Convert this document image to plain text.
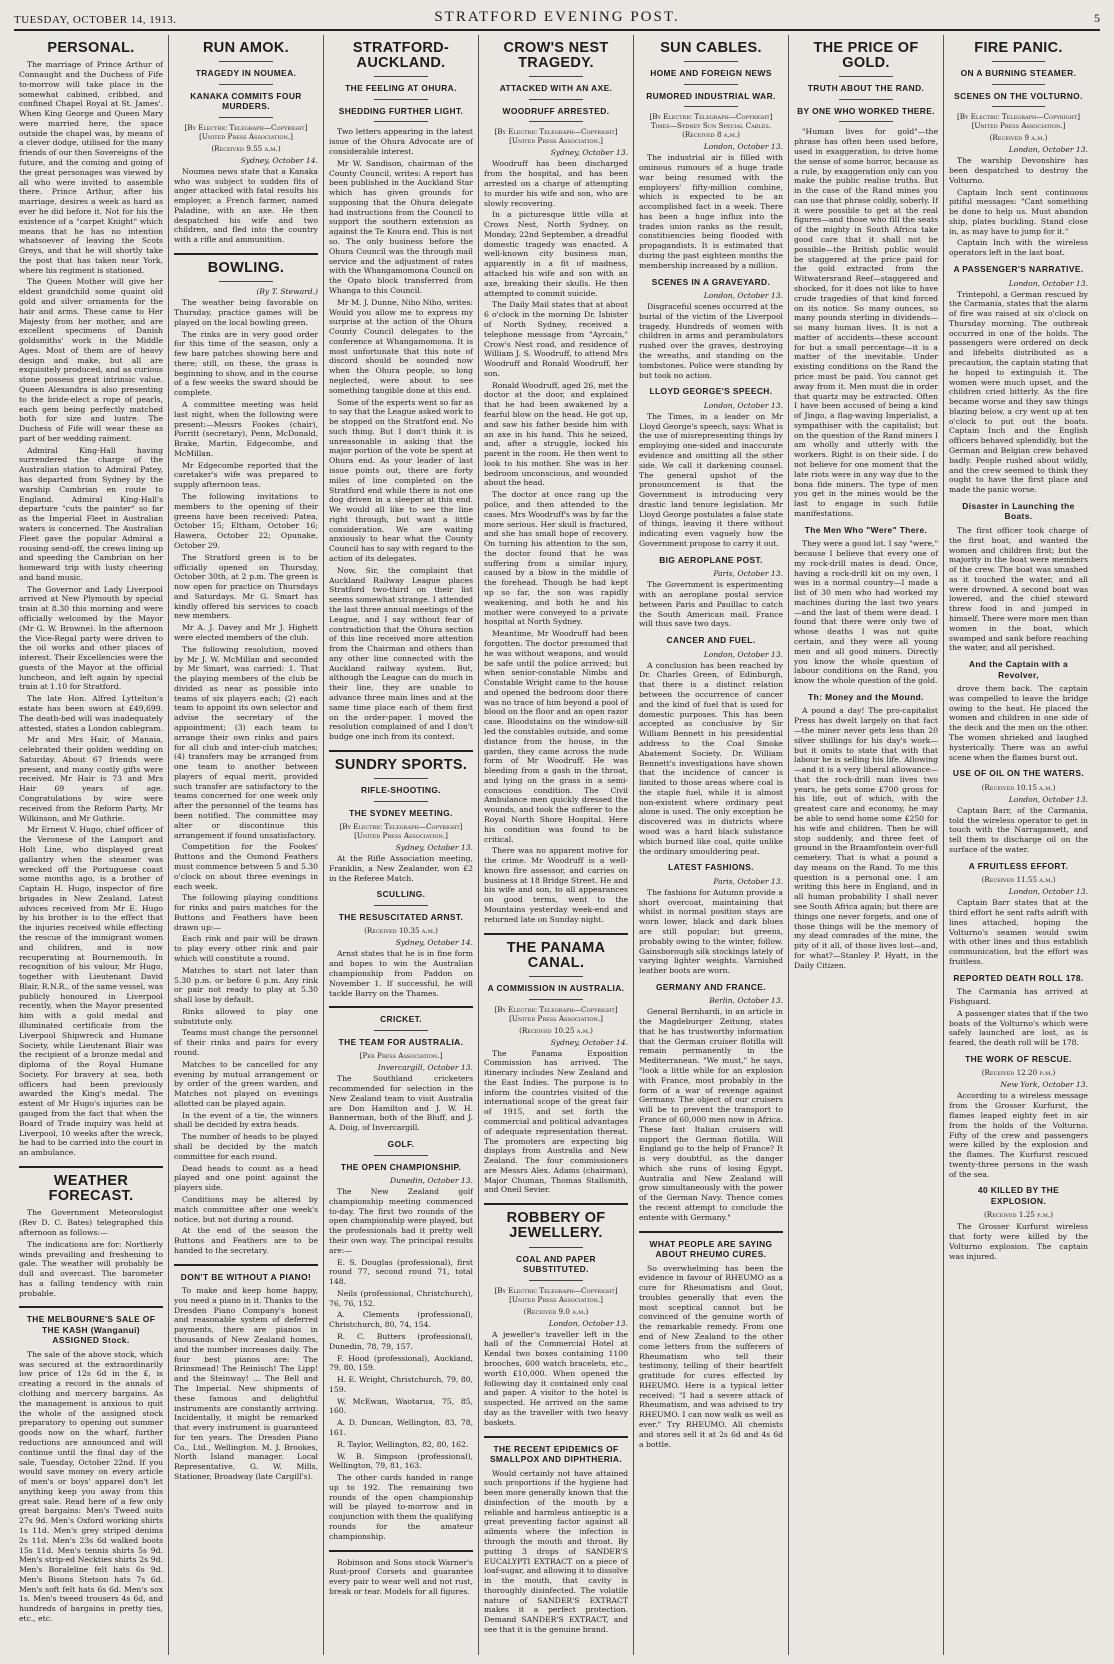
TUESDAY, OCTOBER 14, 1913.	STRATFORD EVENING POST.	5
PERSONAL.

The marriage of Prince Arthur of Connaught and the Duchess of Fife to-morrow will take place in the somewhat cabined, cribbed, and confined Chapel Royal at St. James'. When King George and Queen Mary were married here, the space outside the chapel was, by means of a clever dodge, utilised for the many friends of our then Sovereigns of the future, and the coming and going of the great personages was viewed by all who were invited to assemble there. Prince Arthur, after his marriage, desires a week as hard as ever he did before it. Not for his the existence of a "carpet Knight" which means that he has no intention whatsoever of leaving the Scots Greys, and that he will shortly take the post that has taken near York, where his regiment is stationed.

The Queen Mother will give her eldest grandchild some quaint old gold and silver ornaments for the hair and arms. These came to Her Majesty from her mother, and are excellent specimens of Danish goldsmiths' work in the Middle Ages. Most of them are of heavy design and make, but all are exquisitely produced, and as curious stone possess great intrinsic value. Queen Alexandra is also presenting to the bride-elect a rope of pearls, each gem being perfectly matched both for size and lustre. The Duchess of Fife will wear these as part of her wedding raiment.

Admiral King-Hall having surrendered the charge of the Australian station to Admiral Patey, has departed from Sydney by the warship Cambrian en route to England. Admiral King-Hall's departure "cuts the painter" so far as the Imperial Fleet in Australian waters is concerned. The Australian Fleet gave the popular Admiral a rousing send-off, the crews lining up and speeding the Cambrian on her homeward trip with lusty cheering and band music.

The Governor and Lady Liverpool arrived at New Plymouth by special train at 8.30 this morning and were officially welcomed by the Mayor (Mr G. W. Browne). In the afternoon the Vice-Regal party were driven to the oil works and other places of interest. Their Excellencies were the guests of the Mayor at the official luncheon, and left again by special train at 1.10 for Stratford.

The late Hon. Alfred Lyttelton's estate has been sworn at £49,699. The death-bed will was inadequately attested, states a London cablegram.

Mr and Mrs Hair, of Manaia, celebrated their golden wedding on Saturday. About 67 friends were present, and many costly gifts were received. Mr Hair is 73 and Mrs Hair 69 years of age. Congratulations by wire were received from the Reform Party, Mr Wilkinson, and Mr Guthrie.

Mr Ernest V. Hugo, chief officer of the Veronese of the Lamport and Holt Line, who displayed great gallantry when the steamer was wrecked off the Portuguese coast some months ago, is a brother of Captain H. Hugo, inspector of fire brigades in New Zealand. Latest advices received from Mr E. Hugo by his brother is to the effect that the injuries received while effecting the rescue of the immigrant women and children, and is now recuperating at Bournemouth. In recognition of his valour, Mr Hugo, together with Lieutenant David Blair, R.N.R., of the same vessel, was publicly honoured in Liverpool recently, when the Mayor presented him with a gold medal and illuminated certificate from the Liverpool Shipwreck and Humane Society, while Lieutenant Blair was the recipient of a bronze medal and diploma of the Royal Humane Society. For bravery at sea, both officers had been previously awarded the King's medal. The extent of Mr Hugo's injuries can be gauged from the fact that when the Board of Trade inquiry was held at Liverpool, 10 weeks after the wreck, he had to be carried into the court in an ambulance.

WEATHER FORECAST.

The Government Meteorologist (Rev D. C. Bates) telegraphed this afternoon as follows:—

The indications are for: Northerly winds prevailing and freshening to gale. The weather will probably be dull and overcast. The barometer has a falling tendency with rain probable.

THE MELBOURNE'S SALE OF THE KASH (Wanganui) ASSIGNED Stock.

The sale of the above stock, which was secured at the extraordinarily low price of 12s 6d in the £, is creating a record in the annals of clothing and mercery bargains. As the management is anxious to quit the whole of the assigned stock preparatory to opening out summer goods now on the wharf, further reductions are announced and will continue until the final day of the sale, Tuesday, October 22nd. If you would save money on every article of men's or boys' apparel don't let anything keep you away from this great sale. Read here of a few only great bargains: Men's Tweed suits 27s 9d. Men's Oxford working shirts 1s 11d. Men's grey striped denims 2s 11d. Men's 23s 6d walked boots 15s 11d. Men's tennis shirts 5s 9d. Men's strip-ed Neckties shirts 2s 9d. Men's Boraleline felt hats 6s 9d. Men's Bisons Stetson hats 7s 6d. Men's soft felt hats 6s 6d. Men's sox 1s. Men's tweed trousers 4s 6d, and hundreds of bargains in pretty ties, etc., etc.

RUN AMOK.
TRAGEDY IN NOUMEA.
KANAKA COMMITS FOUR MURDERS.
[By Electric Telegraph—Copyright] [United Press Association.]
(Received 9.55 a.m.)
Sydney, October 14.

Noumea news state that a Kanaka who was subject to sudden fits of anger attacked with fatal results his employer, a French farmer, named Paladine, with an axe. He then despatched his wife and two children, and fled into the country with a rifle and ammunition.

BOWLING.
(By T. Steward.)

The weather being favorable on Thursday, practice games will be played on the local bowling green.

The rinks are in very good order for this time of the season, only a few bare patches showing here and there; still, on these, the grass is beginning to show, and in the course of a few weeks the sward should be complete.

A committee meeting was held last night, when the following were present:—Messrs Fookes (chair), Porritt (secretary), Penn, McDonald, Brake, Martin, Edgecombe, and McMillan.

Mr Edgecombe reported that the caretaker's wife was prepared to supply afternoon teas.

The following invitations to members to the opening of their greens have been received: Patea, October 15; Eltham, October 16; Hawera, October 22; Opunake, October 29.

The Stratford green is to be officially opened on Thursday, October 30th, at 2 p.m. The green is now open for practice on Thursdays and Saturdays. Mr G. Smart has kindly offered his services to coach new members.

Mr A. J. Davey and Mr J. Highett were elected members of the club.

The following resolution, moved by Mr J. W. McMillan and seconded by Mr Smart, was carried: 1. That the playing members of the club be divided as near as possible into teams of six players each; (2) each team to appoint its own selector and advise the secretary of the appointment; (3) each team to arrange their own rinks and pairs for all club and inter-club matches; (4) transfers may be arranged from one team to another between players of equal merit, provided such transfer are satisfactory to the teams concerned for one week only after the personnel of the teams has been notified. The committee may alter or discontinue this arrangement if found unsatisfactory.

Competition for the Fookes' Buttons and the Osmond Feathers must commence between 5 and 5.30 o'clock on about three evenings in each week.

The following playing conditions for rinks and pairs matches for the Buttons and Feathers have been drawn up:—

Each rink and pair will be drawn to play every other rink and pair which will constitute a round.

Matches to start not later than 5.30 p.m. or before 6 p.m. Any rink or pair not ready to play at 5.30 shall lose by default.

Rinks allowed to play one substitute only.

Teams must change the personnel of their rinks and pairs for every round.

Matches to be cancelled for any evening by mutual arrangement or by order of the green warden, and Matches not played on evenings allotted can be played again.

In the event of a tie, the winners shall be decided by extra heads.

The number of heads to be played shall be decided by the match committee for each round.

Dead heads to count as a head played and one point against the players side.

Conditions may be altered by match committee after one week's notice, but not during a round.

At the end of the season the Buttons and Feathers are to be handed to the secretary.

DON'T BE WITHOUT A PIANO!

To make and keep home happy, you need a piano in it. Thanks to the Dresden Piano Company's honest and reasonable system of deferred payments, there are pianos in thousands of New Zealand homes, and the number increases daily. The four best pianos are: The Brinsmead! The Reinisch! The Lipp! and the Steinway! ... The Bell and The Imperial. New shipments of these famous and delightful instruments are constantly arriving. Incidentally, it might be remarked that every instrument is guaranteed for ten years. The Dresden Piano Co., Ltd., Wellington. M. J. Brookes, North Island manager. Local Representative, G. W. Mills, Stationer, Broadway (late Cargill's).

STRATFORD-AUCKLAND.
THE FEELING AT OHURA.
SHEDDING FURTHER LIGHT.

Two letters appearing in the latest issue of the Ohura Advocate are of considerable interest.

Mr W. Sandison, chairman of the County Council, writes: A report has been published in the Auckland Star which has given grounds for supposing that the Ohura delegate had instructions from the Council to support the southern extension as against the Te Koura end. This is not so. The only business before the Ohura Council was the through mail service and the adjustment of rates with the Whangamomona Council on the Opato block transferred from Whanga to this Council.

Mr M. J. Dunne, Niho Niho, writes: Would you allow me to express my surprise at the action of the Ohura County Council delegates to the conference at Whangamomona. It is most unfortunate that this note of discord should be sounded now when the Ohura people, so long neglected, were about to see something tangible done at this end.

Some of the experts went so far as to say that the League asked work to be stopped on the Stratford end. No such thing. But I don't think it is unreasonable in asking that the major portion of the vote be spent at Ohura end. As your leader of last issue points out, there are forty miles of line completed on the Stratford end while there is not one dog driven in a sleeper at this end. We would all like to see the line right through, but want a little consideration. We are waiting anxiously to hear what the County Council has to say with regard to the action of its delegates.

Now, Sir, the complaint that Auckland Railway League places Stratford two-third on their list seems somewhat strange. I attended the last three annual meetings of the League, and I say without fear of contradiction that the Ohura section of this line received more attention from the Chairman and others than any other line connected with the Auckland railway system. But, although the League can do much in their line, they are unable to advance three main lines and at the same time place each of them first on the order-paper. I moved the resolution complained of and I don't budge one inch from its context.

SUNDRY SPORTS.
RIFLE-SHOOTING.
THE SYDNEY MEETING.
[By Electric Telegraph—Copyright] [United Press Association.]
Sydney, October 13.

At the Rifle Association meeting, Franklin, a New Zealander, won £2 in the Referee Match.

SCULLING.
THE RESUSCITATED ARNST.
(Received 10.35 a.m.)
Sydney, October 14.

Arnst states that he is in fine form and hopes to win the Australian championship from Paddon on November 1. If successful, he will tackle Barry on the Thames.

CRICKET.
THE TEAM FOR AUSTRALIA.
[Per Press Association.]
Invercargill, October 13.

The Southland cricketers recommended for selection in the New Zealand team to visit Australia are Don Hamilton and J. W. H. Bannerman, both of the Bluff, and J. A. Doig, of Invercargill.

GOLF.
THE OPEN CHAMPIONSHIP.
Dunedin, October 13.

The New Zealand golf championship meeting commenced to-day. The first two rounds of the open championship were played, but the professionals had it pretty well their own way. The principal results are:—

E. S. Douglas (professional), first round 77, second round 71, total 148.

Neils (professional, Christchurch), 76, 76, 152.

A. Clements (professional), Christchurch, 80, 74, 154.

R. C. Butters (professional), Dunedin, 78, 79, 157.

F. Hood (professional), Auckland, 79, 80, 159.

H. E. Wright, Christchurch, 79, 80, 159.

W. McEwan, Waotarua, 75, 85, 160.

A. D. Duncan, Wellington, 83, 78, 161.

R. Taylor, Wellington, 82, 80, 162.

W. B. Simpson (professional), Wellington, 79, 81, 163.

The other cards handed in range up to 192. The remaining two rounds of the open championship will be played to-morrow and in conjunction with them the qualifying rounds for the amateur championship.

Robinson and Sons stock Warner's Rust-proof Corsets and guarantee every pair to wear well and not rust, break or tear. Models for all figures.

CROW'S NEST TRAGEDY.
ATTACKED WITH AN AXE.
WOODRUFF ARRESTED.
[By Electric Telegraph—Copyright] [United Press Association.]
Sydney, October 13.

Woodruff has been discharged from the hospital, and has been arrested on a charge of attempting to murder his wife and son, who are slowly recovering.

In a picturesque little villa at Crows Nest, North Sydney, on Monday, 22nd September, a dreadful domestic tragedy was enacted. A well-known city business man, apparently in a fit of madness, attacked his wife and son with an axe, breaking their skulls. He then attempted to commit suicide.

The Daily Mail states that at about 6 o'clock in the morning Dr. Isbister of North Sydney, received a telephone message from "Ayrcain," Crow's Nest road, and residence of William J. S. Woodruff, to attend Mrs Woodruff and Ronald Woodruff, her son.

Ronald Woodruff, aged 26, met the doctor at the door, and explained that he had been awakened by a fearful blow on the head. He got up, and saw his father beside him with an axe in his hand. This he seized, and, after a struggle, locked his parent in the room. He then went to look to his mother. She was in her bedroom unconscious, and wounded about the head.

The doctor at once rang up the police, and then attended to the cases. Mrs Woodruff's was by far the more serious. Her skull is fractured, and she has small hope of recovery. On turning his attention to the son, the doctor found that he was suffering from a similar injury, caused by a blow in the middle of the forehead. Though he had kept up so far, the son was rapidly weakening, and both he and his mother were conveyed to a private hospital at North Sydney.

Meantime, Mr Woodruff had been forgotten. The doctor presumed that he was without weapons, and would be safe until the police arrived; but when senior-constable Nimbs and Constable Wright came to the house and opened the bedroom door there was no trace of him beyond a pool of blood on the floor and an open razor case. Bloodstains on the window-sill led the constables outside, and some distance from the house, in the garden, they came across the nude form of Mr Woodruff. He was bleeding from a gash in the throat, and lying on the grass in a semi-conscious condition. The Civil Ambulance men quickly dressed the wounds, and took the sufferer to the Royal North Shore Hospital. Here his condition was found to be critical.

There was no apparent motive for the crime. Mr Woodruff is a well-known fire assessor, and carries on business at 18 Bridge Street. He and his wife and son, to all appearances on good terms, went to the Mountains yesterday week-end and returned late on Sunday night.

THE PANAMA CANAL.
A COMMISSION IN AUSTRALIA.
[By Electric Telegraph—Copyright] [United Press Association.]
(Received 10.25 a.m.)
Sydney, October 14.

The Panama Exposition Commission has arrived. The itinerary includes New Zealand and the East Indies. The purpose is to inform the countries visited of the international scope of the great fair of 1915, and set forth the commercial and political advantages of adequate representation thereat. The promoters are expecting big displays from Australia and New Zealand. The four commissioners are Messrs Alex. Adams (chairman), Major Chuman, Thomas Stallsmith, and Oneil Sevier.

ROBBERY OF JEWELLERY.
COAL AND PAPER SUBSTITUTED.
[By Electric Telegraph—Copyright] [United Press Association.]
(Received 9.0 a.m.)
London, October 13.

A jeweller's traveller left in the hall of the Commercial Hotel at Kendal two boxes containing 1100 brooches, 600 watch bracelets, etc., worth £10,000. When opened the following day it contained only coal and paper. A visitor to the hotel is suspected. He arrived on the same day as the traveller with two heavy baskets.

THE RECENT EPIDEMICS OF SMALLPOX AND DIPHTHERIA.

Would certainly not have attained such proportions if the hygiene had been more generally known that the disinfection of the mouth by a reliable and harmless antiseptic is a great preventing factor against all ailments where the infection is through the mouth and throat. By putting 3 drops of SANDER'S EUCALYPTI EXTRACT on a piece of loaf-sugar, and allowing it to dissolve in the mouth, that cavity is thoroughly disinfected. The volatile nature of SANDER'S EXTRACT makes it a perfect protection. Demand SANDER'S EXTRACT, and see that it is the genuine brand.

SUN CABLES.
HOME AND FOREIGN NEWS
RUMORED INDUSTRIAL WAR.
[By Electric Telegraph—Copyright] Times—Sydney Sun Special Cables. (Received 8 a.m.)
London, October 13.

The industrial air is filled with ominous rumours of a huge trade war being resumed with the employers' fifty-million combine, which is expected to be an accomplished fact in a week. There has been a huge influx into the trades union ranks as the result, constituencies being flooded with propagandists. It is estimated that during the past eighteen months the membership increased by a million.

SCENES IN A GRAVEYARD.
London, October 13.

Disgraceful scenes occurred at the burial of the victim of the Liverpool tragedy. Hundreds of women with children in arms and perambulators rushed over the graves, destroying the wreaths, and standing on the tombstones. Police were standing by but took no action.

LLOYD GEORGE'S SPEECH.
London, October 13.

The Times, in a leader on Mr Lloyd George's speech, says: What is the use of misrepresenting things by employing one-sided and inaccurate evidence and omitting all the other side. We call it darkening counsel. The general upshot of the pronouncement is that the Government is introducing very drastic land tenure legislation. Mr Lloyd George postulates a false state of things, leaving it there without indicating even vaguely how the Government propose to carry it out.

BIG AEROPLANE POST.
Paris, October 13.

The Government is experimenting with an aeroplane postal service between Paris and Pauillac to catch the South American mail. France will thus save two days.

CANCER AND FUEL.
London, October 13.

A conclusion has been reached by Dr. Charles Green, of Edinburgh, that there is a distinct relation between the occurrence of cancer and the kind of fuel that is used for domestic purposes. This has been accepted as conclusive by Sir William Bennett in his presidential address to the Coal Smoke Abatement Society. Dr. William Bennett's investigations have shown that the incidence of cancer is limited to those areas where coal is the staple fuel, while it is almost non-existent where ordinary peat alone is used. The only exception he discovered was in districts where wood was a hard black substance which burned like coal, quite unlike the ordinary smouldering peat.

LATEST FASHIONS.
Paris, October 13.

The fashions for Autumn provide a short overcoat, maintaining that whilst in normal position stays are worn lower, black and dark blues are still popular; but greens, probably owing to the winter, follow. Gainsborough silk stockings lately of varying lighter weights. Varnished leather boots are worn.

GERMANY AND FRANCE.
Berlin, October 13.

General Bernhardi, in an article in the Magdeburger Zeitung, states that he has trustworthy information that the German cruiser flotilla will remain permanently in the Mediterranean. "We must," he says, "look a little while for an explosion with France, most probably in the form of a war of revenge against Germany. The object of our cruisers will be to prevent the transport to France of 60,000 men now in Africa. These fast Italian cruisers will support the German flotilla. Will England go to the help of France? It is very doubtful, as the danger which she runs of losing Egypt, Australia and New Zealand will grow simultaneously with the power of the German Navy. Thence comes the recent attempt to conclude the entente with Germany."

WHAT PEOPLE ARE SAYING ABOUT RHEUMO CURES.

So overwhelming has been the evidence in favour of RHEUMO as a cure for Rheumatism and Gout, troubles generally that even the most sceptical cannot but be convinced of the genuine worth of the remarkable remedy. From one end of New Zealand to the other come letters from the sufferers of Rheumatism who tell their testimony, telling of their heartfelt gratitude for cures effected by RHEUMO. Here is a typical letter received: "I had a severe attack of Rheumatism, and was advised to try RHEUMO. I can now walk as well as ever." Try RHEUMO. All chemists and stores sell it at 2s 6d and 4s 6d a bottle.

THE PRICE OF GOLD.
TRUTH ABOUT THE RAND.
BY ONE WHO WORKED THERE.

"Human lives for gold"—the phrase has often been used before, used in exaggeration, to drive home the sense of some horror, because as a rule, by exaggeration only can you make the public realise truths. But in the case of the Rand mines you can use that phrase coldly, soberly. If it were possible to get at the real figures—and those who fill the seats of the mighty in South Africa take good care that it shall not be possible—the British public would be staggered at the price paid for the gold extracted from the Witwatersrand Reef—staggered and shocked, for it does not like to have crude tragedies of that kind forced on its notice. So many ounces, so many pounds sterling in dividends—so many human lives. It is not a matter of accidents—these account for but a small percentage—it is a matter of the inevitable. Under existing conditions on the Rand the price must be paid. You cannot get away from it. Men must die in order that quartz may be extracted. Often I have been accused of being a kind of Jingo, a flag-waving Imperialist, a sympathiser with the capitalist; but on the question of the Rand miners I am wholly and utterly with the workers. Right is on their side. I do not believe for one moment that the late riots were in any way due to the bona fide miners. The type of men you get in the mines would be the last to engage in such futile manifestations.

The Men Who "Were" There.

They were a good lot. I say "were," because I believe that every one of my rock-drill mates is dead. Once, having a rock-drill kit on my own, I was in a normal country—I made a list of 30 men who had worked my machines during the last two years—and the last of them were dead. I found that there were only two of whose deaths I was not quite certain, and they were all young men and all good miners. Directly you know the whole question of labour conditions on the Rand, you know the whole question of the gold.

Th: Money and the Mound.

A pound a day! The pro-capitalist Press has dwelt largely on that fact—the miner never gets less than 20 silver shillings for his day's work—but it omits to state that with that labour he is selling his life. Allowing—and it is a very liberal allowance—that the rock-drill man lives two years, he gets some £700 gross for his life, out of which, with the greatest care and economy, he may be able to send home some £250 for his wife and children. Then he will stop suddenly, and three feet of ground in the Braamfontein over-full cemetery. That is what a pound a day means on the Rand. To me this question is a personal one. I am writing this here in England, and in all human probability I shall never see South Africa again; but there are things one never forgets, and one of those things will be the memory of my dead comrades of the mine, the pity of it all, of those lives lost—and, for what?—Stanley P. Hyatt, in the Daily Citizen.

FIRE PANIC.
ON A BURNING STEAMER.
SCENES ON THE VOLTURNO.
[By Electric Telegraph—Copyright] [United Press Association.]
(Received 9 a.m.)
London, October 13.

The warship Devonshire has been despatched to destroy the Volturno.

Captain Inch sent continuous pitiful messages: "Cant something be done to help us. Must abandon ship, plates buckling. Stand close in, as may have to jump for it."

Captain Inch with the wireless operators left in the last boat.

A PASSENGER'S NARRATIVE.
London, October 13.

Trintepohl, a German rescued by the Carmania, states that the alarm of fire was raised at six o'clock on Thursday morning. The outbreak occurred in one of the holds. The passengers were ordered on deck and lifebelts distributed as a precaution, the captain stating that he hoped to extinguish it. The women were much upset, and the children cried bitterly. As the fire became worse and they saw things blazing below, a cry went up at ten o'clock to put out the boats. Captain Inch and the English officers behaved splendidly, but the German and Belgian crew behaved badly. People rushed about wildly, and the crew seemed to think they ought to have the first place and made the panic worse.

Disaster in Launching the Boats.

The first officer took charge of the first boat, and wanted the women and children first; but the majority in the boat were members of the crew. The boat was smashed as it touched the water, and all were drowned. A second boat was lowered, and the chief steward threw food in and jumped in himself. There were more men than women in the boat, which swamped and sank before reaching the water, and all perished.

And the Captain with a Revolver,

drove them back. The captain was compelled to leave the bridge owing to the heat. He placed the women and children in one side of the deck and the men on the other. The women shrieked and laughed hysterically. There was an awful scene when the flames burst out.

USE OF OIL ON THE WATERS.
(Received 10.15 a.m.)
London, October 13.

Captain Barr, of the Carmania, told the wireless operator to get in touch with the Narragansett, and tell them to discharge oil on the surface of the water.

A FRUITLESS EFFORT.
(Received 11.55 a.m.)
London, October 13.

Captain Barr states that at the third effort he sent rafts adrift with lines attached, hoping the Volturno's seamen would swim with other lines and thus establish communication, but the effort was fruitless.

REPORTED DEATH ROLL 178.

The Carmania has arrived at Fishguard.

A passenger states that if the two boats of the Volturno's which were safely launched are lost, as is feared, the death roll will be 178.

THE WORK OF RESCUE.
(Received 12.20 p.m.)
New York, October 13.

According to a wireless message from the Grosser Kurfurst, the flames leaped eighty feet in air from the holds of the Volturno. Fifty of the crew and passengers were killed by the explosion and the flames. The Kurfurst rescued twenty-three persons in the wash of the sea.

40 KILLED BY THE EXPLOSION.
(Received 1.25 p.m.)

The Grosser Kurfurst wireless that forty were killed by the Volturno explosion. The captain was injured.
